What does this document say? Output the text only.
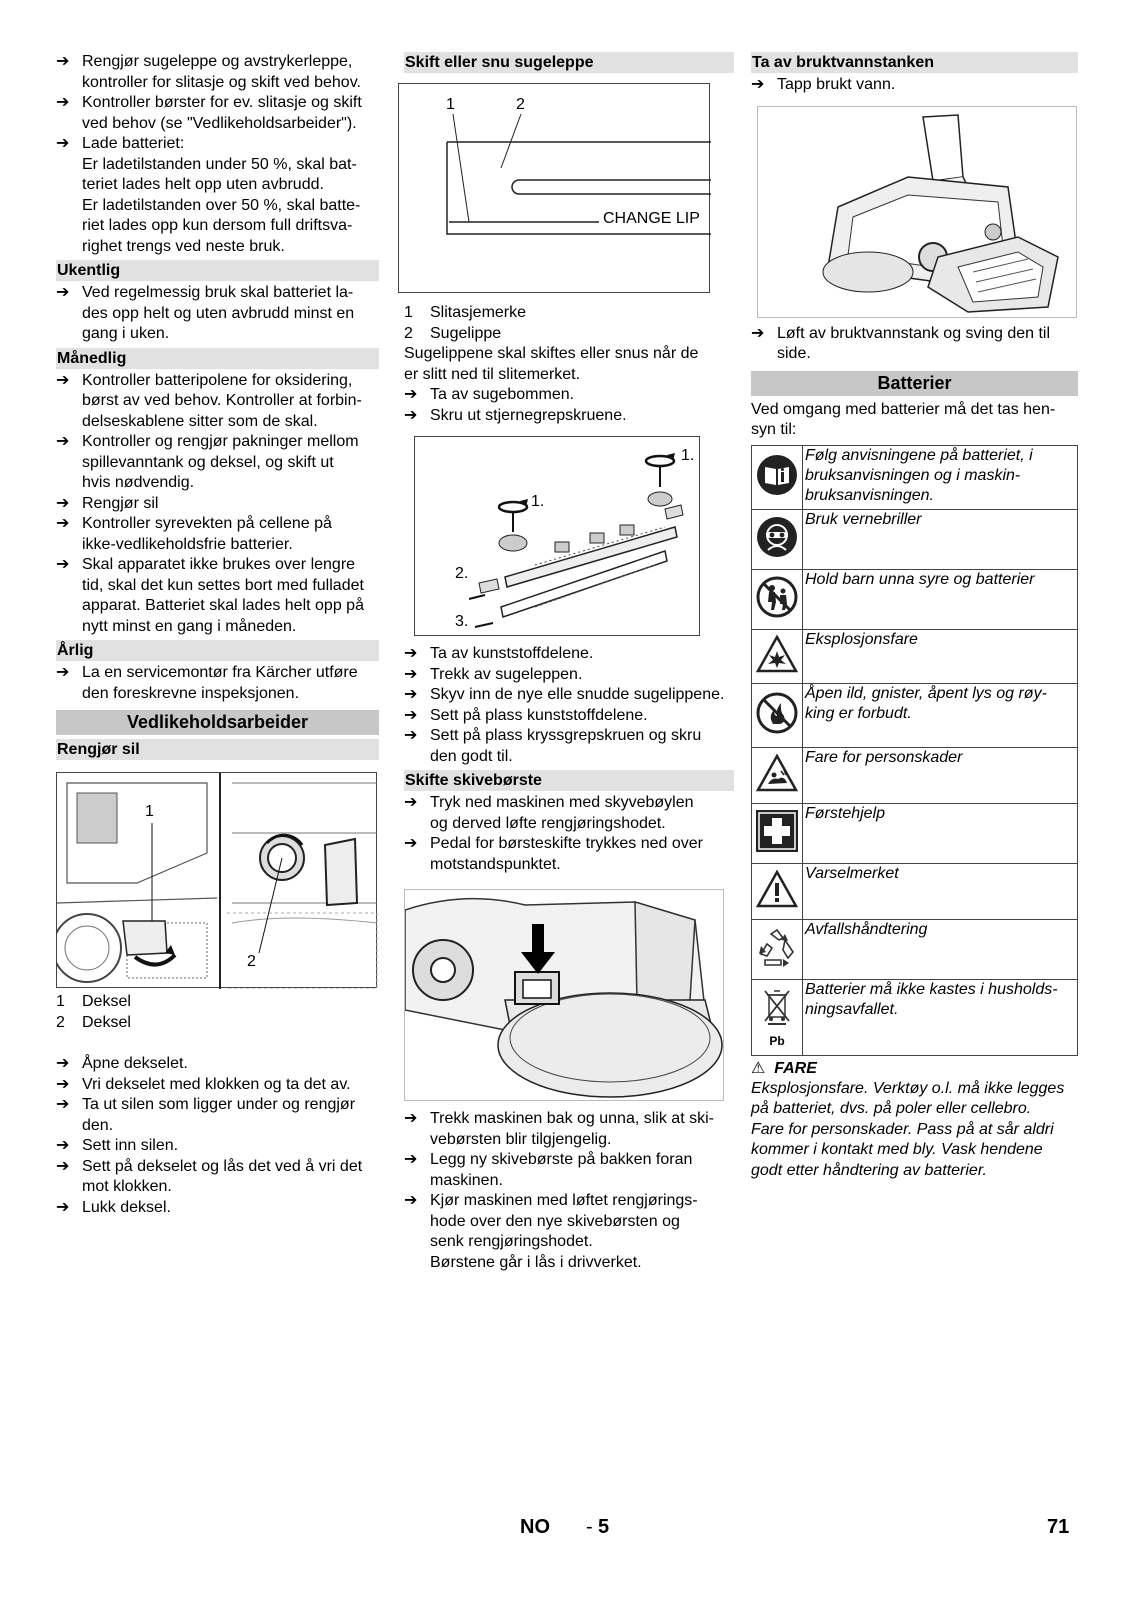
➔ Rengjør sugeleppe og avstrykerleppe,
kontroller for slitasje og skift ved behov.
➔ Kontroller børster for ev. slitasje og skift
ved behov (se "Vedlikeholdsarbeider").
➔ Lade batteriet:
Er ladetilstanden under 50 %, skal bat-
teriet lades helt opp uten avbrudd.
Er ladetilstanden over 50 %, skal batte-
riet lades opp kun dersom full driftsva-
righet trengs ved neste bruk.
Ukentlig
➔ Ved regelmessig bruk skal batteriet la-
des opp helt og uten avbrudd minst en
gang i uken.
Månedlig
➔ Kontroller batteripolene for oksidering,
børst av ved behov. Kontroller at forbin-
delseskablene sitter som de skal.
➔ Kontroller og rengjør pakninger mellom
spillevanntank og deksel, og skift ut
hvis nødvendig.
➔ Rengjør sil
➔ Kontroller syrevekten på cellene på
ikke-vedlikeholdsfrie batterier.
➔ Skal apparatet ikke brukes over lengre
tid, skal det kun settes bort med fulladet
apparat. Batteriet skal lades helt opp på
nytt minst en gang i måneden.
Årlig
➔ La en servicemontør fra Kärcher utføre
den foreskrevne inspeksjonen.
Vedlikeholdsarbeider
Rengjør sil
1
2
1	Deksel
2	Deksel
➔ Åpne dekselet.
➔ Vri dekselet med klokken og ta det av.
➔ Ta ut silen som ligger under og rengjør
den.
➔ Sett inn silen.
➔ Sett på dekselet og lås det ved å vri det
mot klokken.
➔ Lukk deksel.
Skift eller snu sugeleppe
1	2
CHANGE LIP
1	Slitasjemerke
2	Sugelippe
Sugelippene skal skiftes eller snus når de
er slitt ned til slitemerket.
➔ Ta av sugebommen.
➔ Skru ut stjernegrepskruene.
1.
1.
2.
3.
➔ Ta av kunststoffdelene.
➔ Trekk av sugeleppen.
➔ Skyv inn de nye elle snudde sugelippene.
➔ Sett på plass kunststoffdelene.
➔ Sett på plass kryssgrepskruen og skru
den godt til.
Skifte skivebørste
➔ Tryk ned maskinen med skyvebøylen
og derved løfte rengjøringshodet.
➔ Pedal for børsteskifte trykkes ned over
motstandspunktet.
➔ Trekk maskinen bak og unna, slik at ski-
vebørsten blir tilgjengelig.
➔ Legg ny skivebørste på bakken foran
maskinen.
➔ Kjør maskinen med løftet rengjørings-
hode over den nye skivebørsten og
senk rengjøringshodet.
Børstene går i lås i drivverket.
Ta av bruktvannstanken
➔ Tapp brukt vann.
➔ Løft av bruktvannstank og sving den til
side.
Batterier
Ved omgang med batterier må det tas hen-
syn til:

Følg anvisningene på batteriet, i
bruksanvisningen og i maskin-
bruksanvisningen.

Bruk vernebriller

Hold barn unna syre og batterier

Eksplosjonsfare

Åpen ild, gnister, åpent lys og røy-
king er forbudt.

Fare for personskader

Førstehjelp

Varselmerket

Avfallshåndtering

Pb	Batterier må ikke kastes i husholds-
ningsavfallet.
⚠ FARE
Eksplosjonsfare. Verktøy o.l. må ikke legges
på batteriet, dvs. på poler eller cellebro.
Fare for personskader. Pass på at sår aldri
kommer i kontakt med bly. Vask hendene
godt etter håndtering av batterier.
NO - 5	71
